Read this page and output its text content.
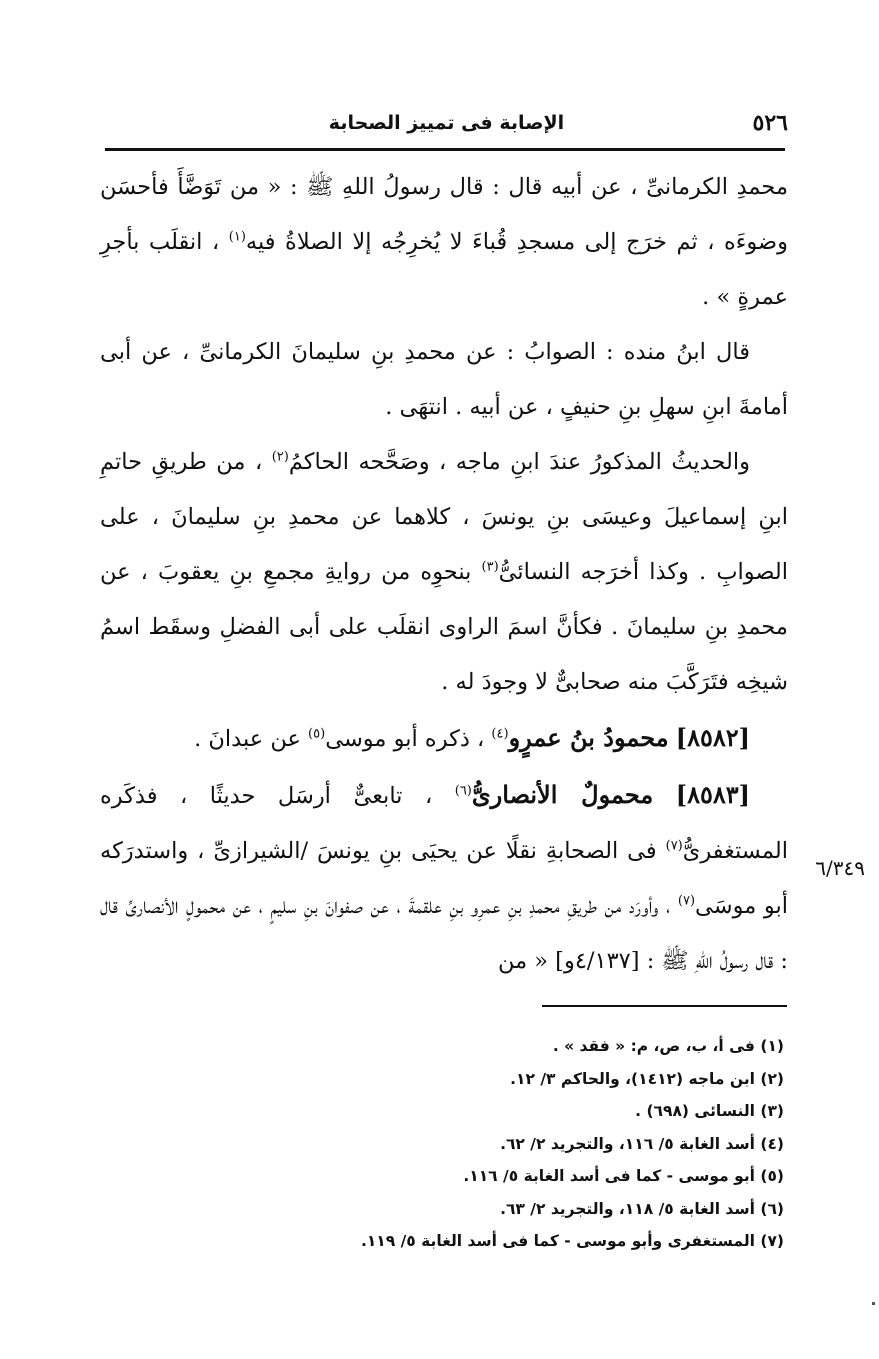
٥٢٦
الإصابة فى تمييز الصحابة

محمدِ الكرمانىِّ ، عن أبيه قال : قال رسولُ اللهِ ﷺ : « من تَوَضَّأَ فأحسَن وضوءَه ، ثم خرَج إلى مسجدِ قُباءَ لا يُخرِجُه إلا الصلاةُ فيه$^{(١)}$ ، انقلَب بأجرِ عمرةٍ » .

قال ابنُ منده : الصوابُ : عن محمدِ بنِ سليمانَ الكرمانىِّ ، عن أبى أمامةَ ابنِ سهلِ بنِ حنيفٍ ، عن أبيه . انتهَى .

والحديثُ المذكورُ عندَ ابنِ ماجه ، وصَحَّحه الحاكمُ$^{(٢)}$ ، من طريقِ حاتمِ ابنِ إسماعيلَ وعيسَى بنِ يونسَ ، كلاهما عن محمدِ بنِ سليمانَ ، على الصوابِ . وكذا أخرَجه النسائىُّ$^{(٣)}$ بنحوِه من روايةِ مجمعِ بنِ يعقوبَ ، عن محمدِ بنِ سليمانَ . فكأنَّ اسمَ الراوى انقلَب على أبى الفضلِ وسقَط اسمُ شيخِه فتَرَكَّبَ منه صحابىٌّ لا وجودَ له .

[٨٥٨٢] محمودُ بنُ عمرٍو$^{(٤)}$ ، ذكره أبو موسى$^{(٥)}$ عن عبدانَ .

[٨٥٨٣] محمولٌ الأنصارىُّ$^{(٦)}$ ، تابعىٌّ أرسَل حديثًا ، فذكَره المستغفرىُّ$^{(٧)}$ فى الصحابةِ نقلًا عن يحيَى بنِ يونسَ /الشيرازىِّ ، واستدرَكه أبو موسَى$^{(٧)}$ ، وأورَد من طريقِ محمدِ بنِ عمرِو بنِ علقمةَ ، عن صفوانَ بنِ سليمٍ ، عن محمولٍ الأنصارىِّ قال : قال رسولُ اللهِ ﷺ : [٤/١٣٧و] « من

٦/٣٤٩
(١) فى أ، ب، ص، م: « فقد » .
(٢) ابن ماجه (١٤١٢)، والحاكم ٣/ ١٢.
(٣) النسائى (٦٩٨) .
(٤) أسد الغابة ٥/ ١١٦، والتجريد ٢/ ٦٢.
(٥) أبو موسى - كما فى أسد الغابة ٥/ ١١٦.
(٦) أسد الغابة ٥/ ١١٨، والتجريد ٢/ ٦٣.
(٧) المستغفرى وأبو موسى - كما فى أسد الغابة ٥/ ١١٩.
